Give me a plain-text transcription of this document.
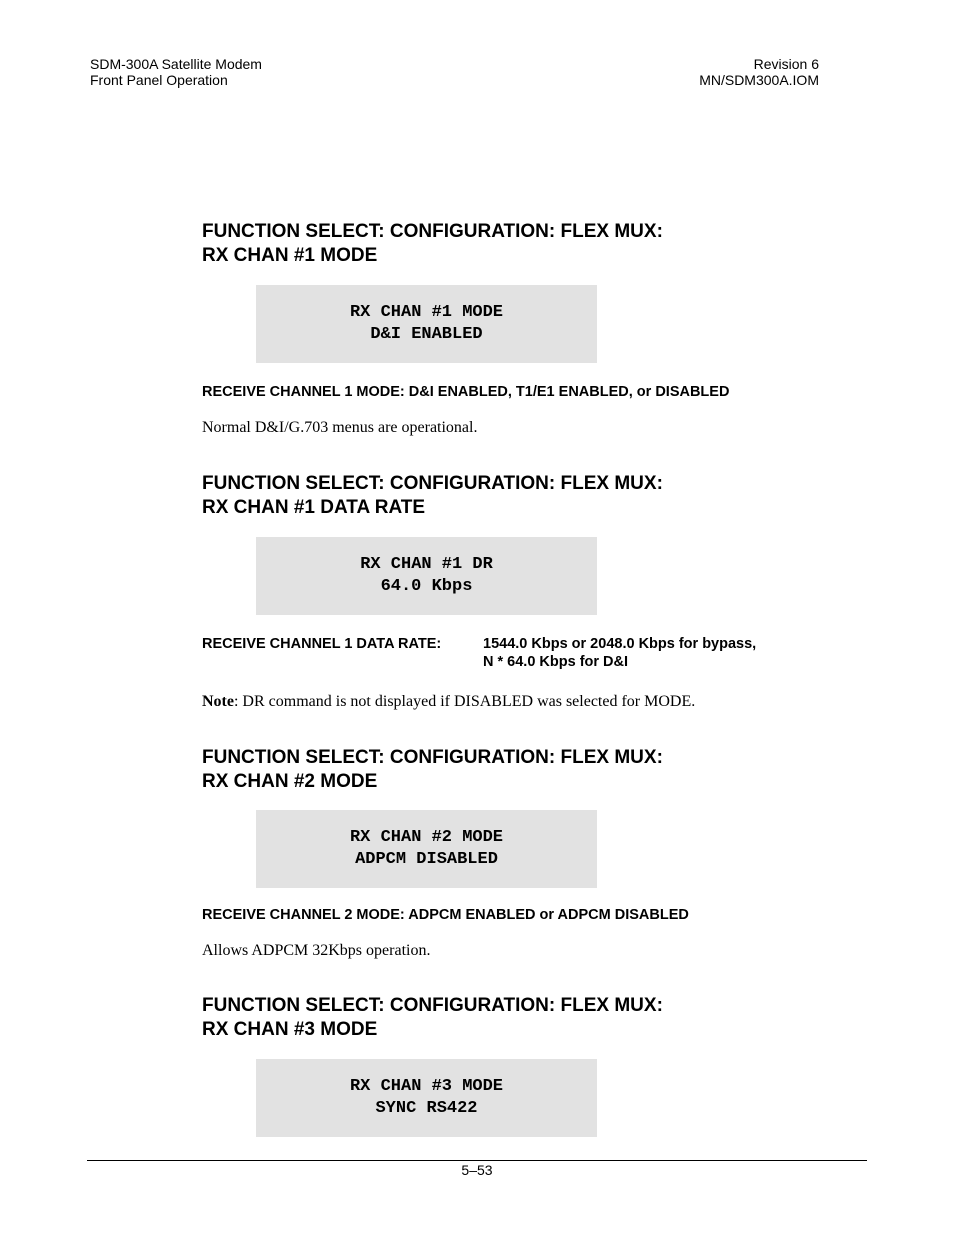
SDM-300A Satellite Modem
Front Panel Operation
Revision 6
MN/SDM300A.IOM
FUNCTION SELECT: CONFIGURATION: FLEX MUX:
RX CHAN #1 MODE
RX CHAN #1 MODE
D&I ENABLED
RECEIVE CHANNEL 1 MODE: D&I ENABLED, T1/E1 ENABLED, or DISABLED
Normal D&I/G.703 menus are operational.
FUNCTION SELECT: CONFIGURATION: FLEX MUX:
RX CHAN #1 DATA RATE
RX CHAN #1 DR
64.0 Kbps
RECEIVE CHANNEL 1 DATA RATE:	1544.0 Kbps or 2048.0 Kbps for bypass,
N * 64.0 Kbps for D&I
Note: DR command is not displayed if DISABLED was selected for MODE.
FUNCTION SELECT: CONFIGURATION: FLEX MUX:
RX CHAN #2 MODE
RX CHAN #2 MODE
ADPCM DISABLED
RECEIVE CHANNEL 2 MODE: ADPCM ENABLED or ADPCM DISABLED
Allows ADPCM 32Kbps operation.
FUNCTION SELECT: CONFIGURATION: FLEX MUX:
RX CHAN #3 MODE
RX CHAN #3 MODE
SYNC RS422
5–53
